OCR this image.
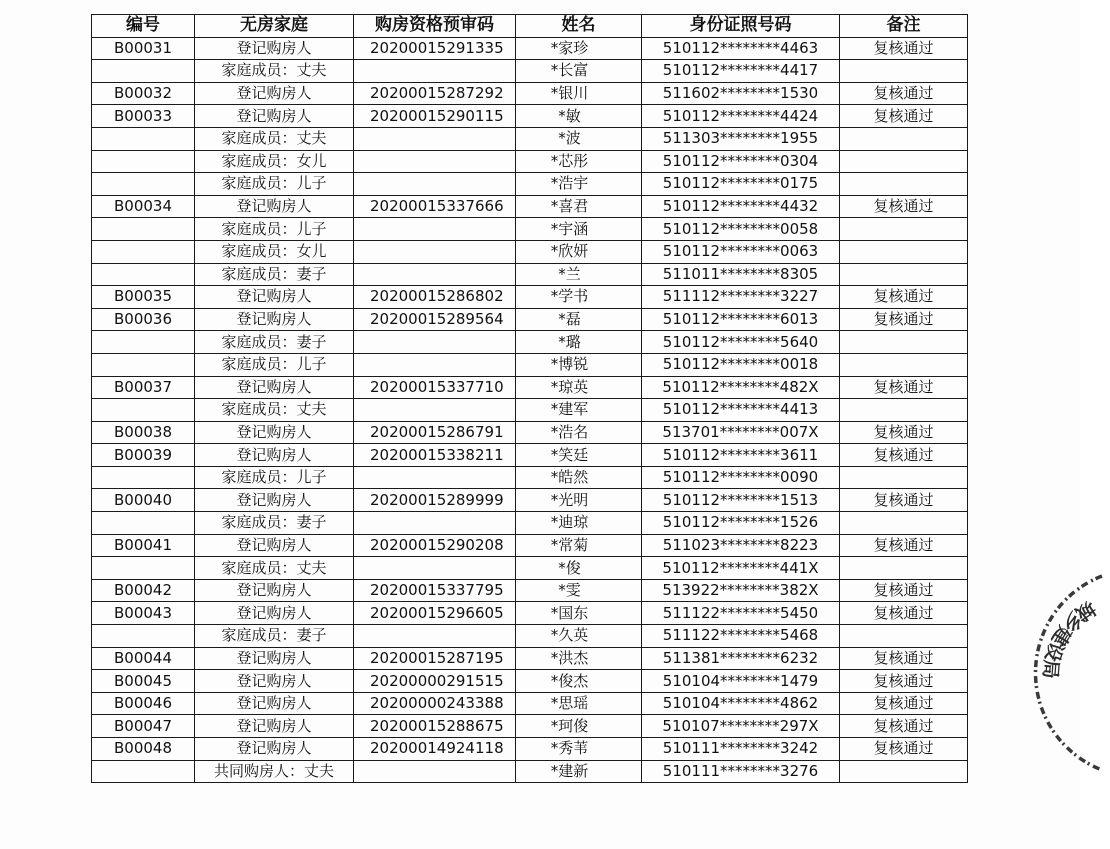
编号	无房家庭	购房资格预审码	姓名	身份证照号码	备注
B00031	登记购房人	20200015291335	*家珍	510112********4463	复核通过
	家庭成员：丈夫		*长富	510112********4417	
B00032	登记购房人	20200015287292	*银川	511602********1530	复核通过
B00033	登记购房人	20200015290115	*敏	510112********4424	复核通过
	家庭成员：丈夫		*波	511303********1955	
	家庭成员：女儿		*芯彤	510112********0304	
	家庭成员：儿子		*浩宇	510112********0175	
B00034	登记购房人	20200015337666	*喜君	510112********4432	复核通过
	家庭成员：儿子		*宇涵	510112********0058	
	家庭成员：女儿		*欣妍	510112********0063	
	家庭成员：妻子		*兰	511011********8305	
B00035	登记购房人	20200015286802	*学书	511112********3227	复核通过
B00036	登记购房人	20200015289564	*磊	510112********6013	复核通过
	家庭成员：妻子		*璐	510112********5640	
	家庭成员：儿子		*博锐	510112********0018	
B00037	登记购房人	20200015337710	*琼英	510112********482X	复核通过
	家庭成员：丈夫		*建军	510112********4413	
B00038	登记购房人	20200015286791	*浩名	513701********007X	复核通过
B00039	登记购房人	20200015338211	*笑廷	510112********3611	复核通过
	家庭成员：儿子		*皓然	510112********0090	
B00040	登记购房人	20200015289999	*光明	510112********1513	复核通过
	家庭成员：妻子		*迪琼	510112********1526	
B00041	登记购房人	20200015290208	*常菊	511023********8223	复核通过
	家庭成员：丈夫		*俊	510112********441X	
B00042	登记购房人	20200015337795	*雯	513922********382X	复核通过
B00043	登记购房人	20200015296605	*国东	511122********5450	复核通过
	家庭成员：妻子		*久英	511122********5468	
B00044	登记购房人	20200015287195	*洪杰	511381********6232	复核通过
B00045	登记购房人	20200000291515	*俊杰	510104********1479	复核通过
B00046	登记购房人	20200000243388	*思瑶	510104********4862	复核通过
B00047	登记购房人	20200015288675	*珂俊	510107********297X	复核通过
B00048	登记购房人	20200014924118	*秀苇	510111********3242	复核通过
	共同购房人：丈夫		*建新	510111********3276	
城乡建设局
